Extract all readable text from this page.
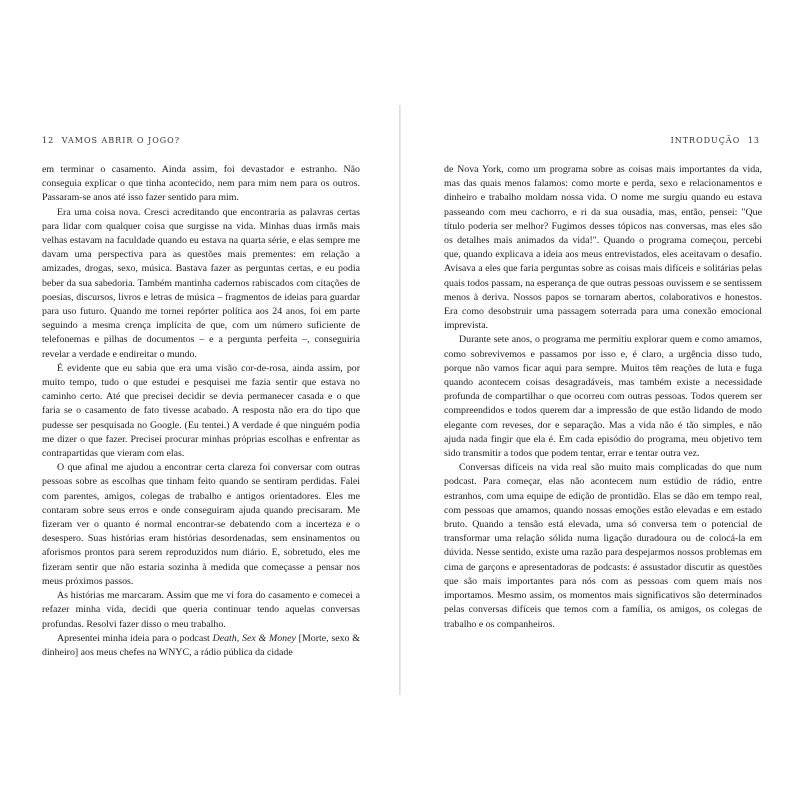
12 VAMOS ABRIR O JOGO?

em terminar o casamento. Ainda assim, foi devastador e estranho. Não conseguia explicar o que tinha acontecido, nem para mim nem para os outros. Passaram-se anos até isso fazer sentido para mim.

Era uma coisa nova. Cresci acreditando que encontraria as palavras certas para lidar com qualquer coisa que surgisse na vida. Minhas duas irmãs mais velhas estavam na faculdade quando eu estava na quarta série, e elas sempre me davam uma perspectiva para as questões mais prementes: em relação a amizades, drogas, sexo, música. Bastava fazer as perguntas certas, e eu podia beber da sua sabedoria. Também mantinha cadernos rabiscados com citações de poesias, discursos, livros e letras de música – fragmentos de ideias para guardar para uso futuro. Quando me tornei repórter política aos 24 anos, foi em parte seguindo a mesma crença implícita de que, com um número suficiente de telefonemas e pilhas de documentos – e a pergunta perfeita –, conseguiria revelar a verdade e endireitar o mundo.

É evidente que eu sabia que era uma visão cor-de-rosa, ainda assim, por muito tempo, tudo o que estudei e pesquisei me fazia sentir que estava no caminho certo. Até que precisei decidir se devia permanecer casada e o que faria se o casamento de fato tivesse acabado. A resposta não era do tipo que pudesse ser pesquisada no Google. (Eu tentei.) A verdade é que ninguém podia me dizer o que fazer. Precisei procurar minhas próprias escolhas e enfrentar as contrapartidas que vieram com elas.

O que afinal me ajudou a encontrar certa clareza foi conversar com outras pessoas sobre as escolhas que tinham feito quando se sentiram perdidas. Falei com parentes, amigos, colegas de trabalho e antigos orientadores. Eles me contaram sobre seus erros e onde conseguiram ajuda quando precisaram. Me fizeram ver o quanto é normal encontrar-se debatendo com a incerteza e o desespero. Suas histórias eram histórias desordenadas, sem ensinamentos ou aforismos prontos para serem reproduzidos num diário. E, sobretudo, eles me fizeram sentir que não estaria sozinha à medida que começasse a pensar nos meus próximos passos.

As histórias me marcaram. Assim que me vi fora do casamento e comecei a refazer minha vida, decidi que queria continuar tendo aquelas conversas profundas. Resolvi fazer disso o meu trabalho.

Apresentei minha ideia para o podcast Death, Sex & Money [Morte, sexo & dinheiro] aos meus chefes na WNYC, a rádio pública da cidade

INTRODUÇÃO 13

de Nova York, como um programa sobre as coisas mais importantes da vida, mas das quais menos falamos: como morte e perda, sexo e relacionamentos e dinheiro e trabalho moldam nossa vida. O nome me surgiu quando eu estava passeando com meu cachorro, e ri da sua ousadia, mas, então, pensei: "Que título poderia ser melhor? Fugimos desses tópicos nas conversas, mas eles são os detalhes mais animados da vida!". Quando o programa começou, percebi que, quando explicava a ideia aos meus entrevistados, eles aceitavam o desafio. Avisava a eles que faria perguntas sobre as coisas mais difíceis e solitárias pelas quais todos passam, na esperança de que outras pessoas ouvissem e se sentissem menos à deriva. Nossos papos se tornaram abertos, colaborativos e honestos. Era como desobstruir uma passagem soterrada para uma conexão emocional imprevista.

Durante sete anos, o programa me permitiu explorar quem e como amamos, como sobrevivemos e passamos por isso e, é claro, a urgência disso tudo, porque não vamos ficar aqui para sempre. Muitos têm reações de luta e fuga quando acontecem coisas desagradáveis, mas também existe a necessidade profunda de compartilhar o que ocorreu com outras pessoas. Todos querem ser compreendidos e todos querem dar a impressão de que estão lidando de modo elegante com reveses, dor e separação. Mas a vida não é tão simples, e não ajuda nada fingir que ela é. Em cada episódio do programa, meu objetivo tem sido transmitir a todos que podem tentar, errar e tentar outra vez.

Conversas difíceis na vida real são muito mais complicadas do que num podcast. Para começar, elas não acontecem num estúdio de rádio, entre estranhos, com uma equipe de edição de prontidão. Elas se dão em tempo real, com pessoas que amamos, quando nossas emoções estão elevadas e em estado bruto. Quando a tensão está elevada, uma só conversa tem o potencial de transformar uma relação sólida numa ligação duradoura ou de colocá-la em dúvida. Nesse sentido, existe uma razão para despejarmos nossos problemas em cima de garçons e apresentadoras de podcasts: é assustador discutir as questões que são mais importantes para nós com as pessoas com quem mais nos importamos. Mesmo assim, os momentos mais significativos são determinados pelas conversas difíceis que temos com a família, os amigos, os colegas de trabalho e os companheiros.
